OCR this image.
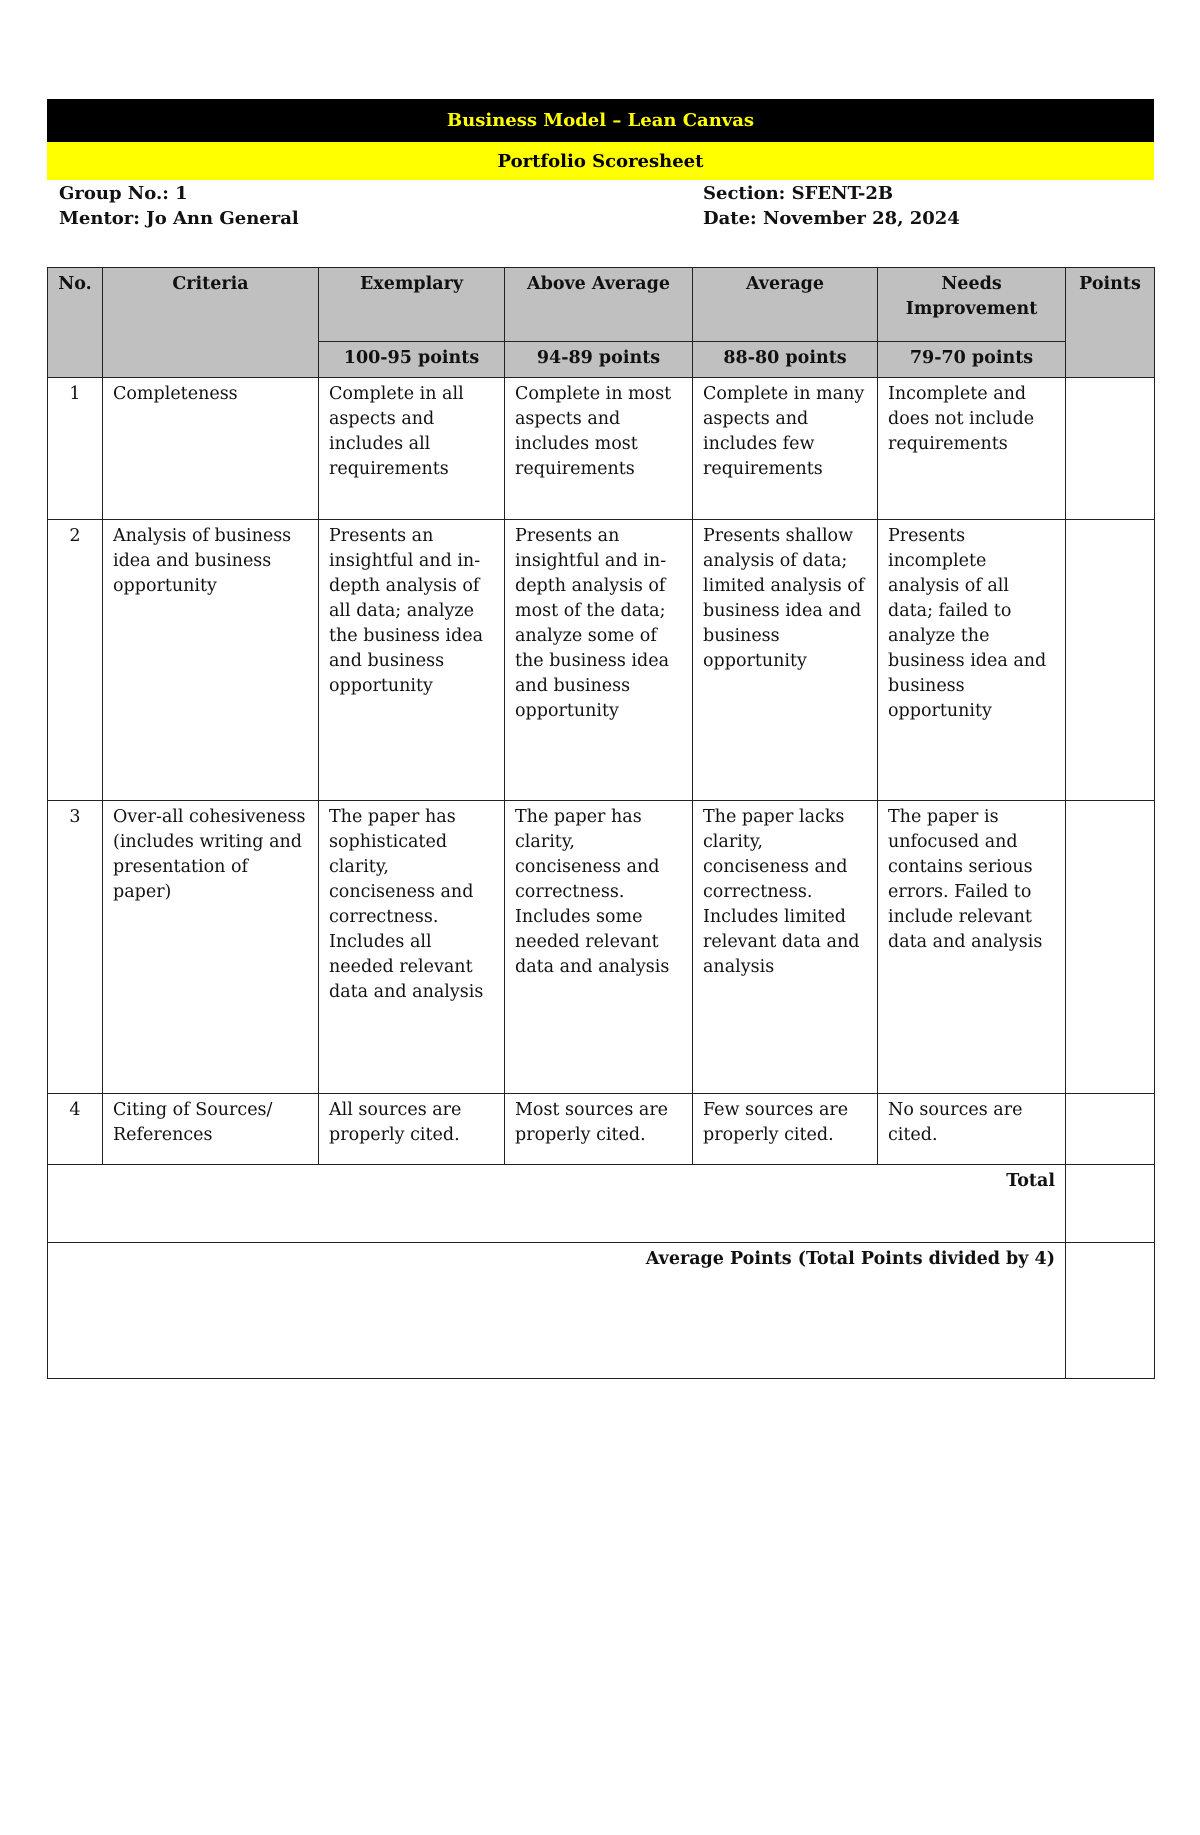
Business Model – Lean Canvas
Portfolio Scoresheet
Group No.: 1
Mentor: Jo Ann General
Section: SFENT-2B
Date: November 28, 2024
No.	Criteria	Exemplary	Above Average	Average	Needs Improvement	Points
		100-95 points	94-89 points	88-80 points	79-70 points	
1	Completeness	Complete in all aspects and includes all requirements	Complete in most aspects and includes most requirements	Complete in many aspects and includes few requirements	Incomplete and does not include requirements	
2	Analysis of business idea and business opportunity	Presents an insightful and in-depth analysis of all data; analyze the business idea and business opportunity	Presents an insightful and in-depth analysis of most of the data; analyze some of the business idea and business opportunity	Presents shallow analysis of data; limited analysis of business idea and business opportunity	Presents incomplete analysis of all data; failed to analyze the business idea and business opportunity	
3	Over-all cohesiveness (includes writing and presentation of paper)	The paper has sophisticated clarity, conciseness and correctness. Includes all needed relevant data and analysis	The paper has clarity, conciseness and correctness. Includes some needed relevant data and analysis	The paper lacks clarity, conciseness and correctness. Includes limited relevant data and analysis	The paper is unfocused and contains serious errors. Failed to include relevant data and analysis	
4	Citing of Sources/ References	All sources are properly cited.	Most sources are properly cited.	Few sources are properly cited.	No sources are cited.	
Total						
Average Points (Total Points divided by 4)						
